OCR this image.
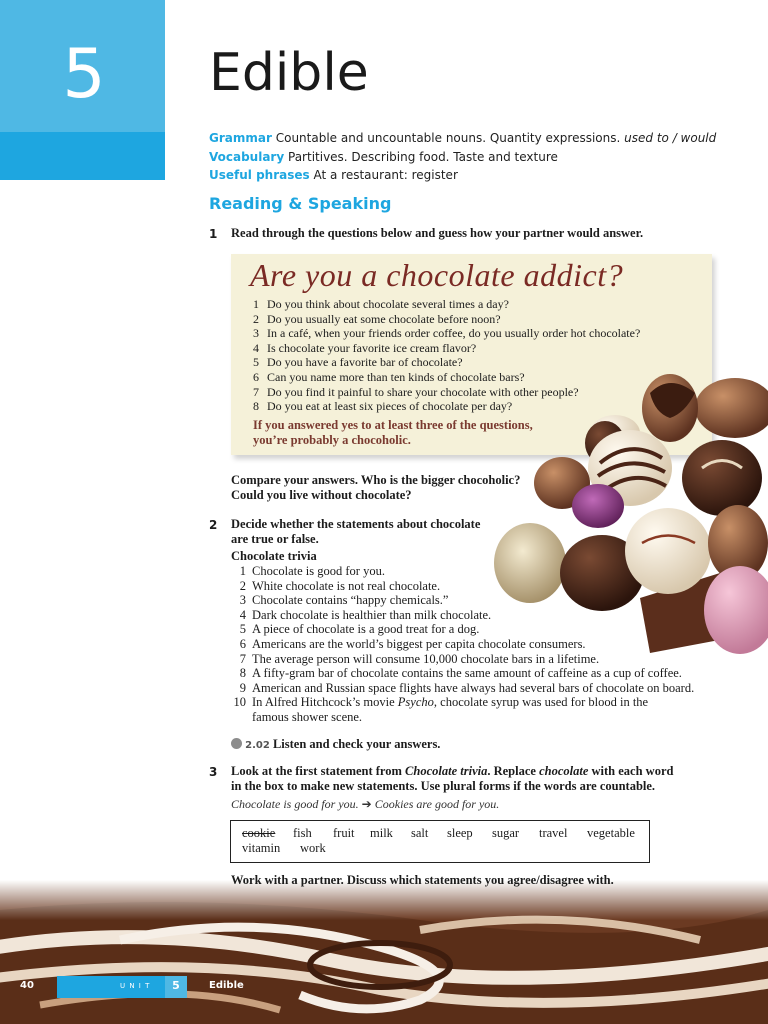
5	Edible
Grammar Countable and uncountable nouns. Quantity expressions. used to / would
Vocabulary Partitives. Describing food. Taste and texture
Useful phrases At a restaurant: register
Reading & Speaking
1 Read through the questions below and guess how your partner would answer.
Are you a chocolate addict?
1 Do you think about chocolate several times a day?
2 Do you usually eat some chocolate before noon?
3 In a café, when your friends order coffee, do you usually order hot chocolate?
4 Is chocolate your favorite ice cream flavor?
5 Do you have a favorite bar of chocolate?
6 Can you name more than ten kinds of chocolate bars?
7 Do you find it painful to share your chocolate with other people?
8 Do you eat at least six pieces of chocolate per day?
If you answered yes to at least three of the questions,
you’re probably a chocoholic.
Compare your answers. Who is the bigger chocoholic?
Could you live without chocolate?
2 Decide whether the statements about chocolate
are true or false.
Chocolate trivia
1 Chocolate is good for you.
2 White chocolate is not real chocolate.
3 Chocolate contains “happy chemicals.”
4 Dark chocolate is healthier than milk chocolate.
5 A piece of chocolate is a good treat for a dog.
6 Americans are the world’s biggest per capita chocolate consumers.
7 The average person will consume 10,000 chocolate bars in a lifetime.
8 A fifty-gram bar of chocolate contains the same amount of caffeine as a cup of coffee.
9 American and Russian space flights have always had several bars of chocolate on board.
10 In Alfred Hitchcock’s movie Psycho, chocolate syrup was used for blood in the
famous shower scene.
2.02 Listen and check your answers.
3 Look at the first statement from Chocolate trivia. Replace chocolate with each word
in the box to make new statements. Use plural forms if the words are countable.
Chocolate is good for you. ➔ Cookies are good for you.
cookie fish fruit milk salt sleep sugar travel vegetable
vitamin work
Work with a partner. Discuss which statements you agree/disagree with.
40	U N I T	5	Edible
